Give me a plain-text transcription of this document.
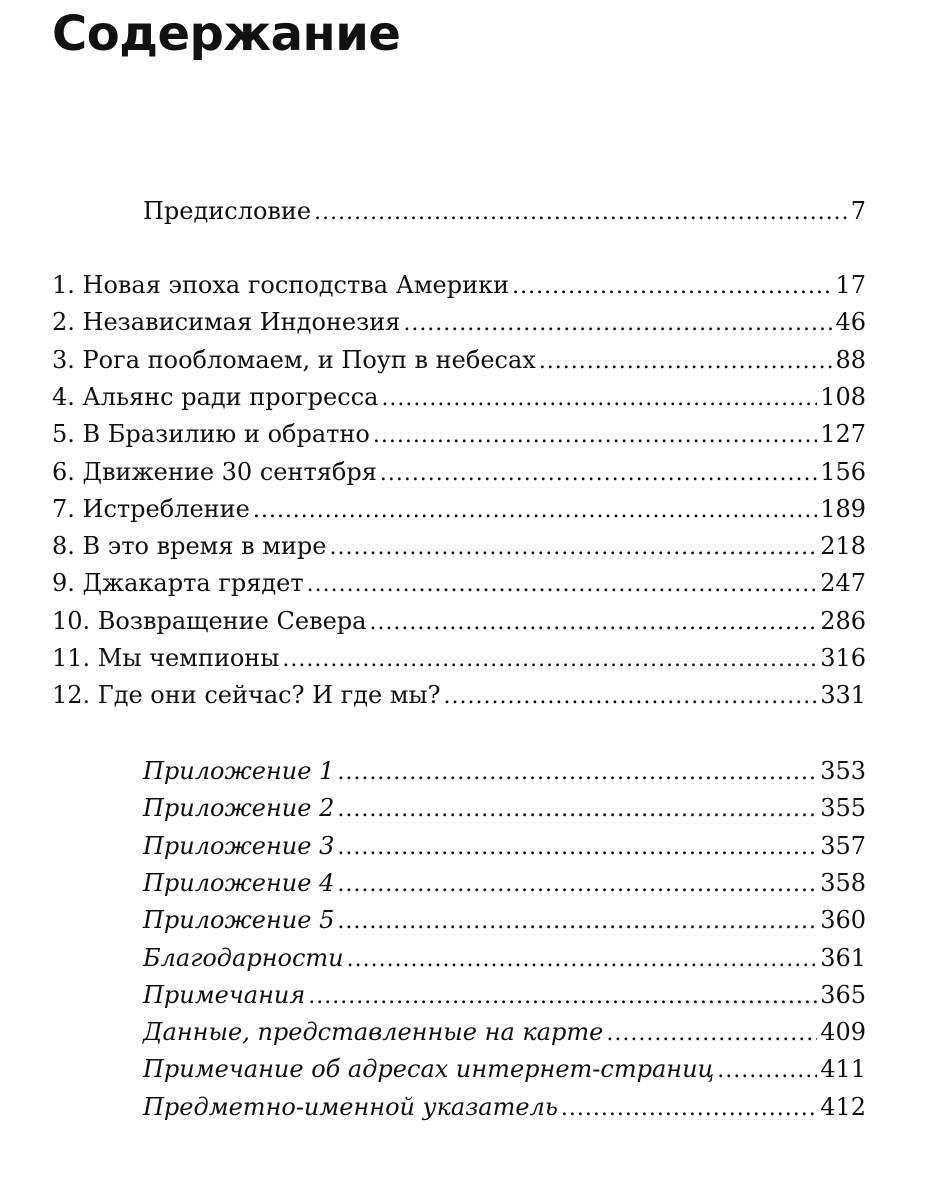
Содержание
Предисловие .....	7
1. Новая эпоха господства Америки .....	17
2. Независимая Индонезия .....	46
3. Рога пообломаем, и Поуп в небесах .....	88
4. Альянс ради прогресса .....	108
5. В Бразилию и обратно .....	127
6. Движение 30 сентября .....	156
7. Истребление .....	189
8. В это время в мире .....	218
9. Джакарта грядет .....	247
10. Возвращение Севера .....	286
11. Мы чемпионы .....	316
12. Где они сейчас? И где мы? .....	331
Приложение 1 .....	353
Приложение 2 .....	355
Приложение 3 .....	357
Приложение 4 .....	358
Приложение 5 .....	360
Благодарности .....	361
Примечания .....	365
Данные, представленные на карте .....	409
Примечание об адресах интернет-страниц .....	411
Предметно-именной указатель .....	412
